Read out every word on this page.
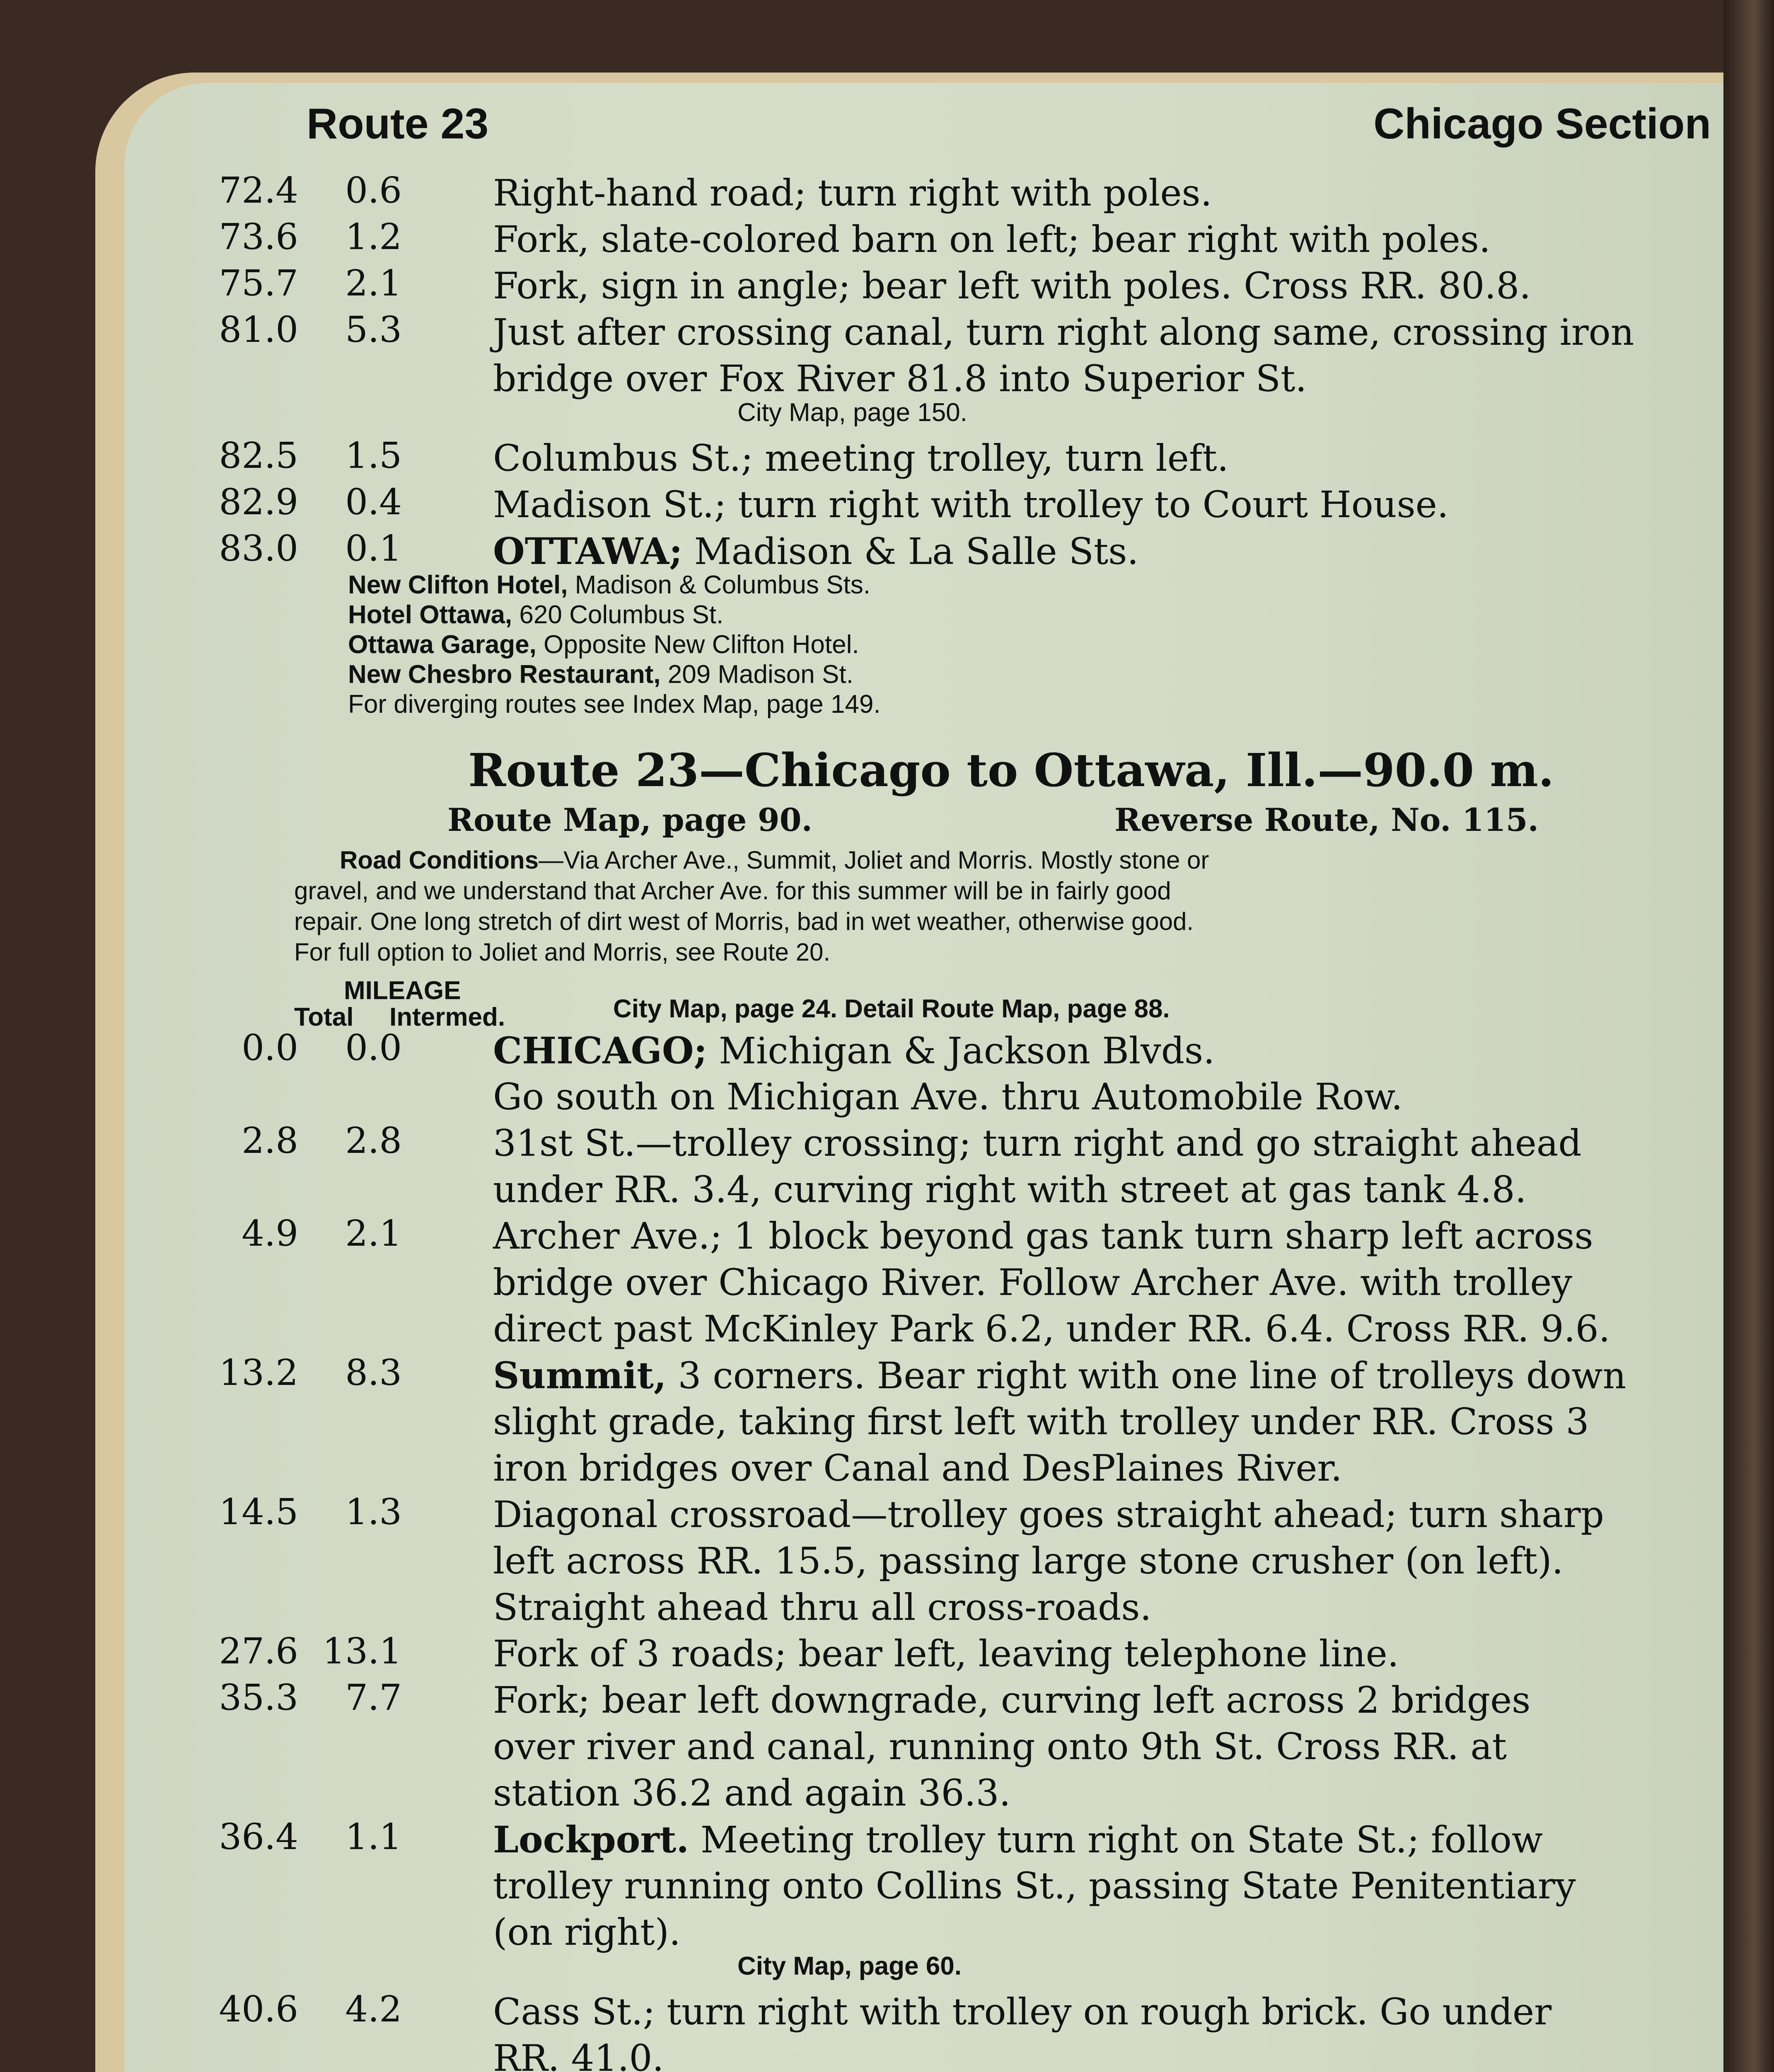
Route 23	Chicago Section
72.4	0.6	Right-hand road; turn right with poles.
73.6	1.2	Fork, slate-colored barn on left; bear right with poles.
75.7	2.1	Fork, sign in angle; bear left with poles. Cross RR. 80.8.
81.0	5.3	Just after crossing canal, turn right along same, crossing iron
bridge over Fox River 81.8 into Superior St.
City Map, page 150.
82.5	1.5	Columbus St.; meeting trolley, turn left.
82.9	0.4	Madison St.; turn right with trolley to Court House.
83.0	0.1	OTTAWA; Madison & La Salle Sts.
New Clifton Hotel, Madison & Columbus Sts.
Hotel Ottawa, 620 Columbus St.
Ottawa Garage, Opposite New Clifton Hotel.
New Chesbro Restaurant, 209 Madison St.
For diverging routes see Index Map, page 149.
Route 23—Chicago to Ottawa, Ill.—90.0 m.
Route Map, page 90.	Reverse Route, No. 115.
Road Conditions—Via Archer Ave., Summit, Joliet and Morris. Mostly stone or
gravel, and we understand that Archer Ave. for this summer will be in fairly good
repair. One long stretch of dirt west of Morris, bad in wet weather, otherwise good.
For full option to Joliet and Morris, see Route 20.
MILEAGE
Total Intermed.	City Map, page 24. Detail Route Map, page 88.
0.0	0.0	CHICAGO; Michigan & Jackson Blvds.
Go south on Michigan Ave. thru Automobile Row.
2.8	2.8	31st St.—trolley crossing; turn right and go straight ahead
under RR. 3.4, curving right with street at gas tank 4.8.
4.9	2.1	Archer Ave.; 1 block beyond gas tank turn sharp left across
bridge over Chicago River. Follow Archer Ave. with trolley
direct past McKinley Park 6.2, under RR. 6.4. Cross RR. 9.6.
13.2	8.3	Summit, 3 corners. Bear right with one line of trolleys down
slight grade, taking first left with trolley under RR. Cross 3
iron bridges over Canal and DesPlaines River.
14.5	1.3	Diagonal crossroad—trolley goes straight ahead; turn sharp
left across RR. 15.5, passing large stone crusher (on left).
Straight ahead thru all cross-roads.
27.6 13.1	Fork of 3 roads; bear left, leaving telephone line.
35.3	7.7	Fork; bear left downgrade, curving left across 2 bridges
over river and canal, running onto 9th St. Cross RR. at
station 36.2 and again 36.3.
36.4	1.1	Lockport. Meeting trolley turn right on State St.; follow
trolley running onto Collins St., passing State Penitentiary
(on right).
City Map, page 60.
40.6	4.2	Cass St.; turn right with trolley on rough brick. Go under
RR. 41.0.
